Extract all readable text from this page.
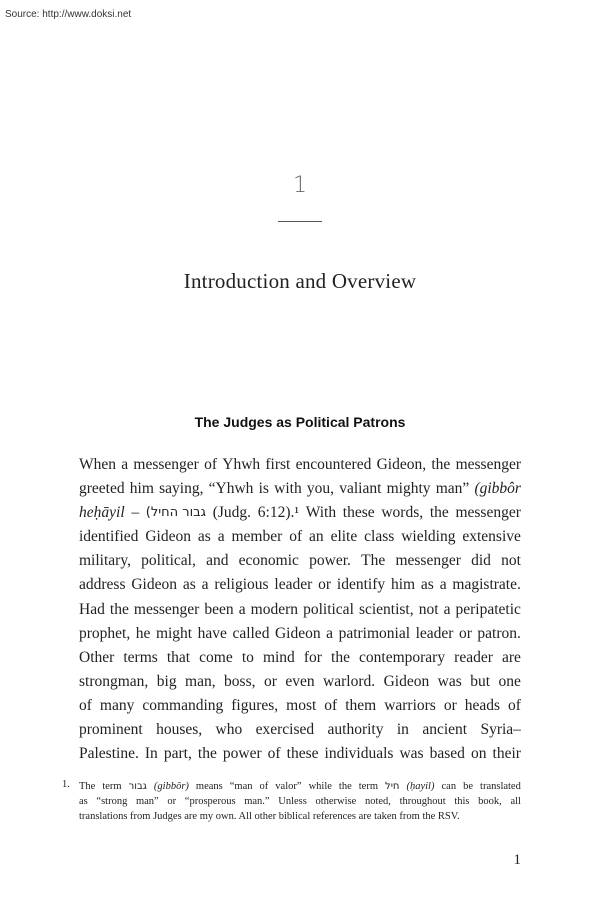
Source: http://www.doksi.net
1
Introduction and Overview
The Judges as Political Patrons
When a messenger of Yhwh first encountered Gideon, the messenger
greeted him saying, “Yhwh is with you, valiant mighty man” (gibbôr
heḥāyil – גבור החיל) (Judg. 6:12).¹ With these words, the messenger
identified Gideon as a member of an elite class wielding extensive
military, political, and economic power. The messenger did not
address Gideon as a religious leader or identify him as a magistrate.
Had the messenger been a modern political scientist, not a peripatetic
prophet, he might have called Gideon a patrimonial leader or patron.
Other terms that come to mind for the contemporary reader are
strongman, big man, boss, or even warlord. Gideon was but one
of many commanding figures, most of them warriors or heads of
prominent houses, who exercised authority in ancient Syria–
Palestine. In part, the power of these individuals was based on their
1. The term גבור (gibbôr) means “man of valor” while the term חיל (ḥayil) can be translated
as “strong man” or “prosperous man.” Unless otherwise noted, throughout this book, all
translations from Judges are my own. All other biblical references are taken from the RSV.
1
